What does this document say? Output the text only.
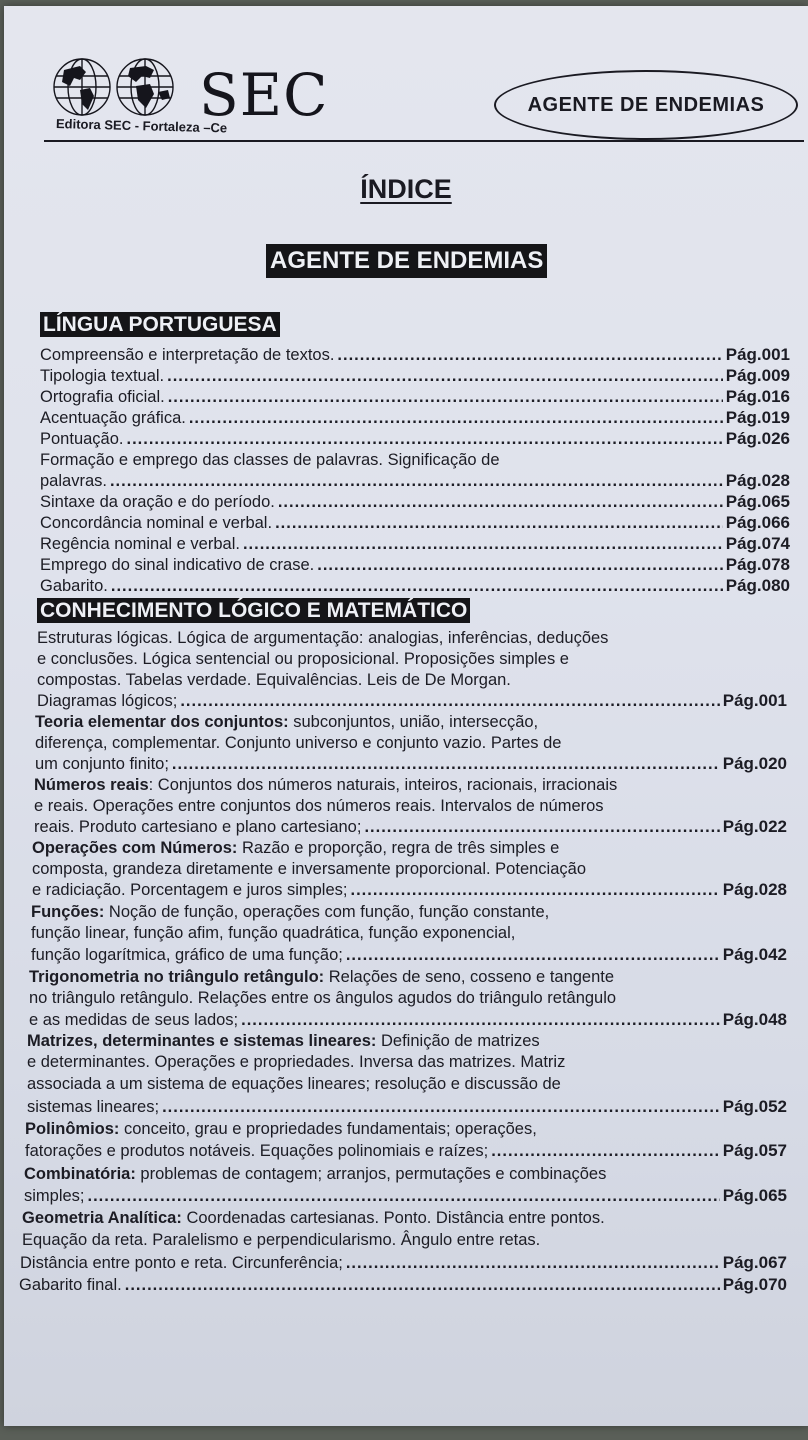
SEC
Editora SEC - Fortaleza –Ce
AGENTE DE ENDEMIAS
ÍNDICE
AGENTE DE ENDEMIAS
LÍNGUA PORTUGUESA
Compreensão e interpretação de textos. .....	Pág.001
Tipologia textual. .....	Pág.009
Ortografia oficial. .....	Pág.016
Acentuação gráfica. .....	Pág.019
Pontuação. .....	Pág.026
Formação e emprego das classes de palavras. Significação de
palavras. .....	Pág.028
Sintaxe da oração e do período. .....	Pág.065
Concordância nominal e verbal. .....	Pág.066
Regência nominal e verbal. .....	Pág.074
Emprego do sinal indicativo de crase. .....	Pág.078
Gabarito. .....	Pág.080
CONHECIMENTO LÓGICO E MATEMÁTICO
Estruturas lógicas. Lógica de argumentação: analogias, inferências, deduções
e conclusões. Lógica sentencial ou proposicional. Proposições simples e
compostas. Tabelas verdade. Equivalências. Leis de De Morgan.
Diagramas lógicos; .....	Pág.001
Teoria elementar dos conjuntos: subconjuntos, união, intersecção,
diferença, complementar. Conjunto universo e conjunto vazio. Partes de
um conjunto finito; .....	Pág.020
Números reais: Conjuntos dos números naturais, inteiros, racionais, irracionais
e reais. Operações entre conjuntos dos números reais. Intervalos de números
reais. Produto cartesiano e plano cartesiano; .....	Pág.022
Operações com Números: Razão e proporção, regra de três simples e
composta, grandeza diretamente e inversamente proporcional. Potenciação
e radiciação. Porcentagem e juros simples; .....	Pág.028
Funções: Noção de função, operações com função, função constante,
função linear, função afim, função quadrática, função exponencial,
função logarítmica, gráfico de uma função; .....	Pág.042
Trigonometria no triângulo retângulo: Relações de seno, cosseno e tangente
no triângulo retângulo. Relações entre os ângulos agudos do triângulo retângulo
e as medidas de seus lados; .....	Pág.048
Matrizes, determinantes e sistemas lineares: Definição de matrizes
e determinantes. Operações e propriedades. Inversa das matrizes. Matriz
associada a um sistema de equações lineares; resolução e discussão de
sistemas lineares; .....	Pág.052
Polinômios: conceito, grau e propriedades fundamentais; operações,
fatorações e produtos notáveis. Equações polinomiais e raízes; .....	Pág.057
Combinatória: problemas de contagem; arranjos, permutações e combinações
simples; .....	Pág.065
Geometria Analítica: Coordenadas cartesianas. Ponto. Distância entre pontos.
Equação da reta. Paralelismo e perpendicularismo. Ângulo entre retas.
Distância entre ponto e reta. Circunferência; .....	Pág.067
Gabarito final. .....	Pág.070
